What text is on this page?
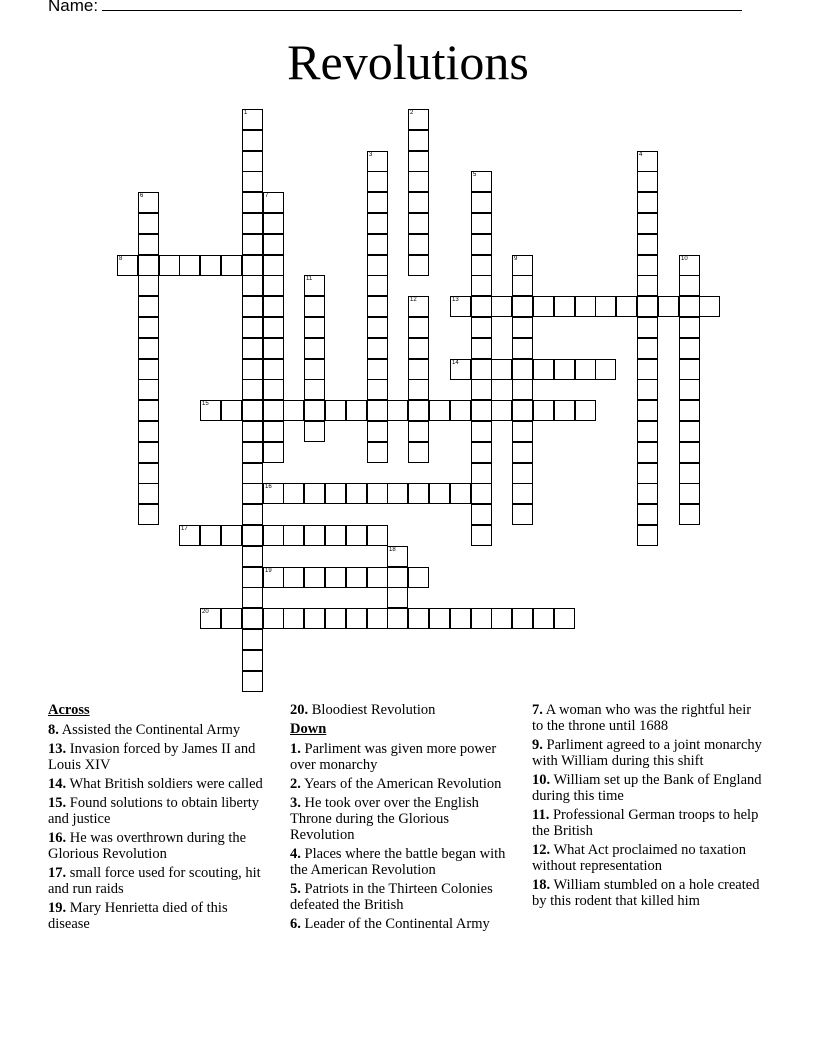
Name:
Revolutions
1	2
3	4
5
6	7
8	9	10
11
12	13
14
15
16
17
18
19
20
Across
8. Assisted the Continental Army
13. Invasion forced by James II and Louis XIV
14. What British soldiers were called
15. Found solutions to obtain liberty and justice
16. He was overthrown during the Glorious Revolution
17. small force used for scouting, hit and run raids
19. Mary Henrietta died of this disease
20. Bloodiest Revolution
Down
1. Parliment was given more power over monarchy
2. Years of the American Revolution
3. He took over over the English Throne during the Glorious Revolution
4. Places where the battle began with the American Revolution
5. Patriots in the Thirteen Colonies defeated the British
6. Leader of the Continental Army
7. A woman who was the rightful heir to the throne until 1688
9. Parliment agreed to a joint monarchy with William during this shift
10. William set up the Bank of England during this time
11. Professional German troops to help the British
12. What Act proclaimed no taxation without representation
18. William stumbled on a hole created by this rodent that killed him
